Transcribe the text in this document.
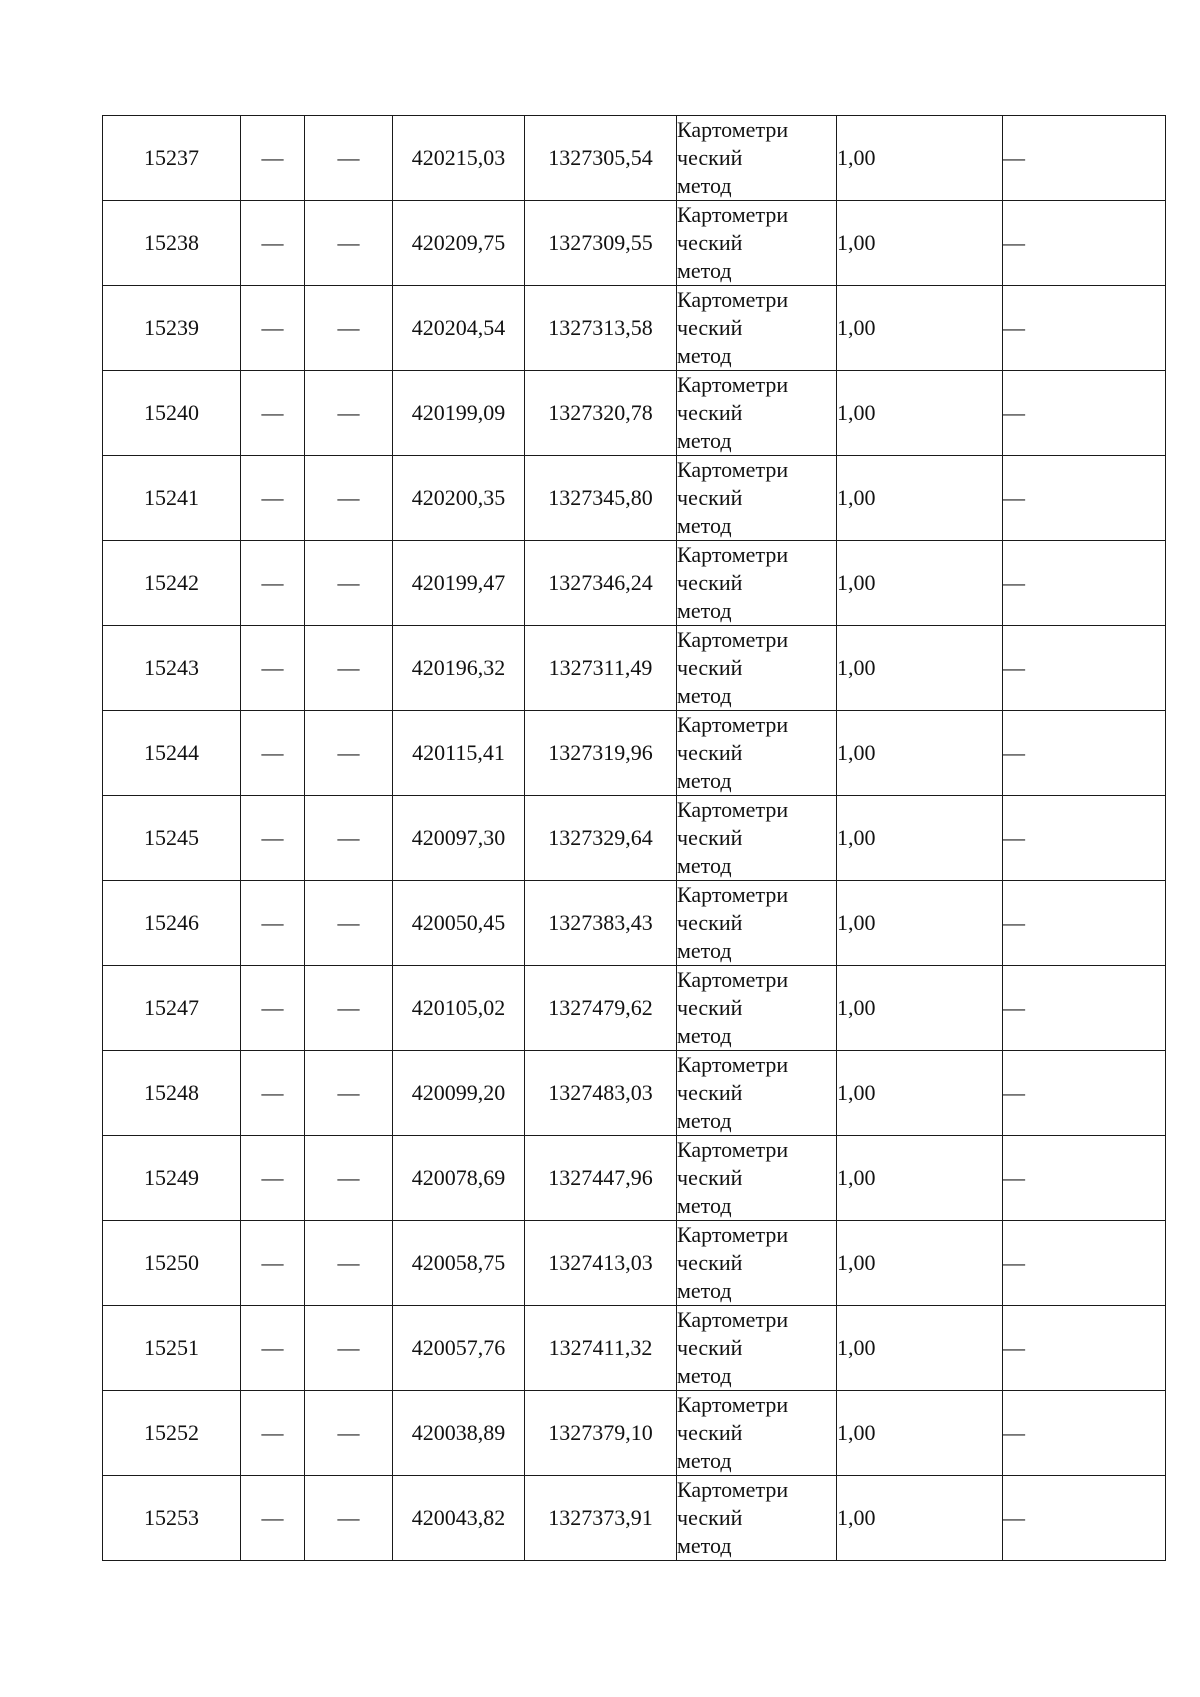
15237	—	—	420215,03	1327305,54	Картометри
ческий
метод	1,00	—
15238	—	—	420209,75	1327309,55	Картометри
ческий
метод	1,00	—
15239	—	—	420204,54	1327313,58	Картометри
ческий
метод	1,00	—
15240	—	—	420199,09	1327320,78	Картометри
ческий
метод	1,00	—
15241	—	—	420200,35	1327345,80	Картометри
ческий
метод	1,00	—
15242	—	—	420199,47	1327346,24	Картометри
ческий
метод	1,00	—
15243	—	—	420196,32	1327311,49	Картометри
ческий
метод	1,00	—
15244	—	—	420115,41	1327319,96	Картометри
ческий
метод	1,00	—
15245	—	—	420097,30	1327329,64	Картометри
ческий
метод	1,00	—
15246	—	—	420050,45	1327383,43	Картометри
ческий
метод	1,00	—
15247	—	—	420105,02	1327479,62	Картометри
ческий
метод	1,00	—
15248	—	—	420099,20	1327483,03	Картометри
ческий
метод	1,00	—
15249	—	—	420078,69	1327447,96	Картометри
ческий
метод	1,00	—
15250	—	—	420058,75	1327413,03	Картометри
ческий
метод	1,00	—
15251	—	—	420057,76	1327411,32	Картометри
ческий
метод	1,00	—
15252	—	—	420038,89	1327379,10	Картометри
ческий
метод	1,00	—
15253	—	—	420043,82	1327373,91	Картометри
ческий
метод	1,00	—
